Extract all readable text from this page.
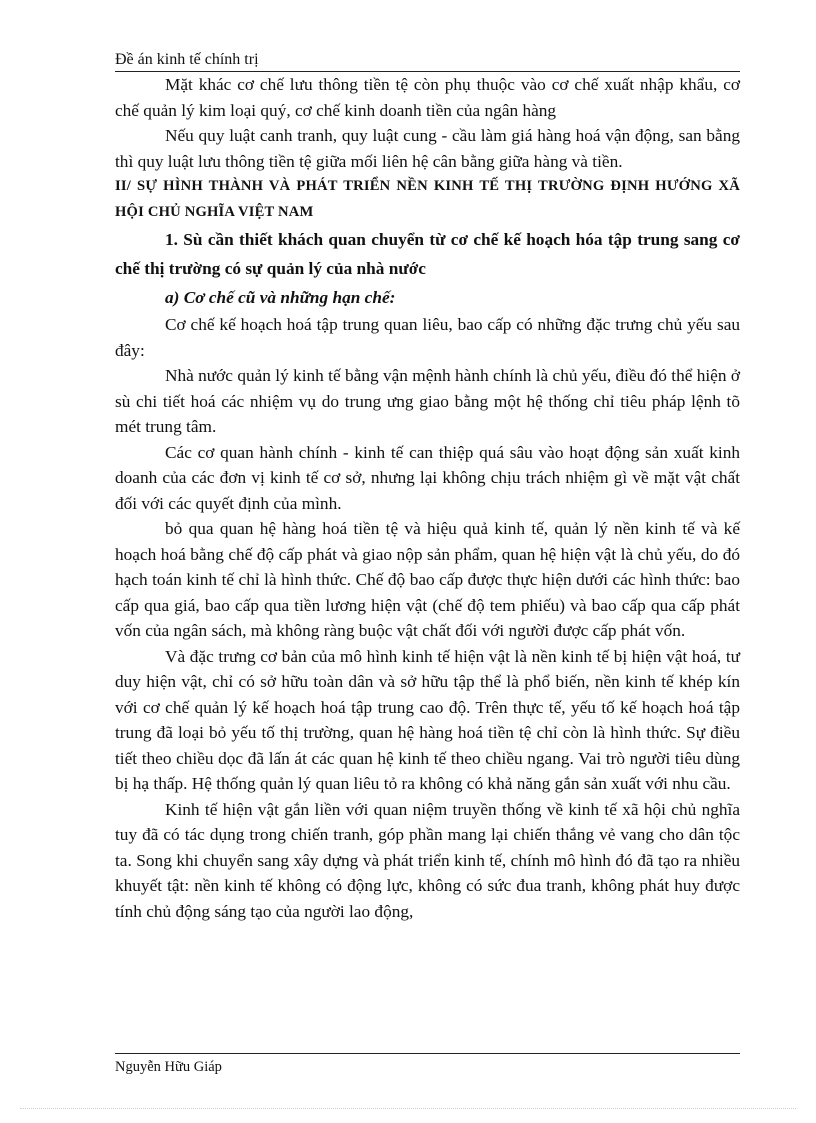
Đề án kinh tế chính trị

Mặt khác cơ chế lưu thông tiền tệ còn phụ thuộc vào cơ chế xuất nhập khẩu, cơ chế quản lý kim loại quý, cơ chế kinh doanh tiền của ngân hàng

Nếu quy luật canh tranh, quy luật cung - cầu làm giá hàng hoá vận động, san bằng thì quy luật lưu thông tiền tệ giữa mối liên hệ cân bằng giữa hàng và tiền.

II/ SỰ HÌNH THÀNH VÀ PHÁT TRIỂN NỀN KINH TẾ THỊ TRƯỜNG ĐỊNH HƯỚNG XÃ HỘI CHỦ NGHĨA VIỆT NAM

1. Sù cần thiết khách quan chuyển từ cơ chế kế hoạch hóa tập trung sang cơ chế thị trường có sự quản lý của nhà nước

a) Cơ chế cũ và những hạn chế:

Cơ chế kế hoạch hoá tập trung quan liêu, bao cấp có những đặc trưng chủ yếu sau đây:

Nhà nước quản lý kinh tế bằng vận mệnh hành chính là chủ yếu, điều đó thể hiện ở sù chi tiết hoá các nhiệm vụ do trung ưng giao bằng một hệ thống chỉ tiêu pháp lệnh tõ mét trung tâm.

Các cơ quan hành chính - kinh tế can thiệp quá sâu vào hoạt động sản xuất kinh doanh của các đơn vị kinh tế cơ sở, nhưng lại không chịu trách nhiệm gì về mặt vật chất đối với các quyết định của mình.

bỏ qua quan hệ hàng hoá tiền tệ và hiệu quả kinh tế, quản lý nền kinh tế và kế hoạch hoá bằng chế độ cấp phát và giao nộp sản phẩm, quan hệ hiện vật là chủ yếu, do đó hạch toán kinh tế chỉ là hình thức. Chế độ bao cấp được thực hiện dưới các hình thức: bao cấp qua giá, bao cấp qua tiền lương hiện vật (chế độ tem phiếu) và bao cấp qua cấp phát vốn của ngân sách, mà không ràng buộc vật chất đối với người được cấp phát vốn.

Và đặc trưng cơ bản của mô hình kinh tế hiện vật là nền kinh tế bị hiện vật hoá, tư duy hiện vật, chỉ có sở hữu toàn dân và sở hữu tập thể là phổ biến, nền kinh tế khép kín với cơ chế quản lý kế hoạch hoá tập trung cao độ. Trên thực tế, yếu tố kế hoạch hoá tập trung đã loại bỏ yếu tố thị trường, quan hệ hàng hoá tiền tệ chỉ còn là hình thức. Sự điều tiết theo chiều dọc đã lấn át các quan hệ kinh tế theo chiều ngang. Vai trò người tiêu dùng bị hạ thấp. Hệ thống quản lý quan liêu tỏ ra không có khả năng gắn sản xuất với nhu cầu.

Kinh tế hiện vật gắn liền với quan niệm truyền thống về kinh tế xã hội chủ nghĩa tuy đã có tác dụng trong chiến tranh, góp phần mang lại chiến thắng vẻ vang cho dân tộc ta. Song khi chuyển sang xây dựng và phát triển kinh tế, chính mô hình đó đã tạo ra nhiều khuyết tật: nền kinh tế không có động lực, không có sức đua tranh, không phát huy được tính chủ động sáng tạo của người lao động,

Nguyễn Hữu Giáp
